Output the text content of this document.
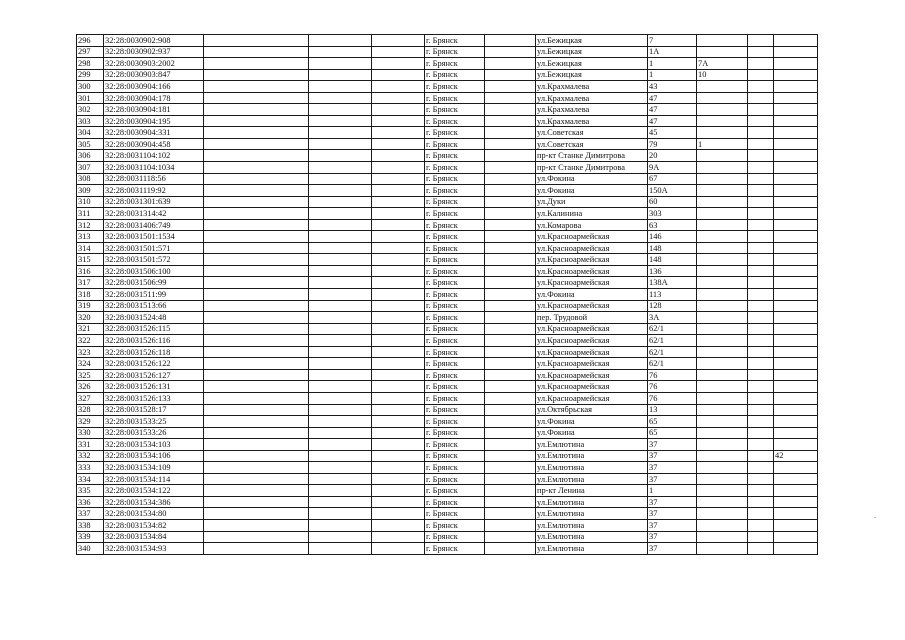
296	32:28:0030902:908				г. Брянск		ул.Бежицкая	7			
297	32:28:0030902:937				г. Брянск		ул.Бежицкая	1А			
298	32:28:0030903:2002				г. Брянск		ул.Бежицкая	1	7А		
299	32:28:0030903:847				г. Брянск		ул.Бежицкая	1	10		
300	32:28:0030904:166				г. Брянск		ул.Крахмалева	43			
301	32:28:0030904:178				г. Брянск		ул.Крахмалева	47			
302	32:28:0030904:181				г. Брянск		ул.Крахмалева	47			
303	32:28:0030904:195				г. Брянск		ул.Крахмалева	47			
304	32:28:0030904:331				г. Брянск		ул.Советская	45			
305	32:28:0030904:458				г. Брянск		ул.Советская	79	1		
306	32:28:0031104:102				г. Брянск		пр-кт Станке Димитрова	20			
307	32:28:0031104:1034				г. Брянск		пр-кт Станке Димитрова	9А			
308	32:28:0031118:56				г. Брянск		ул.Фокина	67			
309	32:28:0031119:92				г. Брянск		ул.Фокина	150А			
310	32:28:0031301:639				г. Брянск		ул.Дуки	60			
311	32:28:0031314:42				г. Брянск		ул.Калинина	303			
312	32:28:0031406:749				г. Брянск		ул.Комарова	63			
313	32:28:0031501:1534				г. Брянск		ул.Красноармейская	146			
314	32:28:0031501:571				г. Брянск		ул.Красноармейская	148			
315	32:28:0031501:572				г. Брянск		ул.Красноармейская	148			
316	32:28:0031506:100				г. Брянск		ул.Красноармейская	136			
317	32:28:0031506:99				г. Брянск		ул.Красноармейская	138А			
318	32:28:0031511:99				г. Брянск		ул.Фокина	113			
319	32:28:0031513:66				г. Брянск		ул.Красноармейская	128			
320	32:28:0031524:48				г. Брянск		пер. Трудовой	3А			
321	32:28:0031526:115				г. Брянск		ул.Красноармейская	62/1			
322	32:28:0031526:116				г. Брянск		ул.Красноармейская	62/1			
323	32:28:0031526:118				г. Брянск		ул.Красноармейская	62/1			
324	32:28:0031526:122				г. Брянск		ул.Красноармейская	62/1			
325	32:28:0031526:127				г. Брянск		ул.Красноармейская	76			
326	32:28:0031526:131				г. Брянск		ул.Красноармейская	76			
327	32:28:0031526:133				г. Брянск		ул.Красноармейская	76			
328	32:28:0031528:17				г. Брянск		ул.Октябрьская	13			
329	32:28:0031533:25				г. Брянск		ул.Фокина	65			
330	32:28:0031533:26				г. Брянск		ул.Фокина	65			
331	32:28:0031534:103				г. Брянск		ул.Емлютина	37			
332	32:28:0031534:106				г. Брянск		ул.Емлютина	37			42
333	32:28:0031534:109				г. Брянск		ул.Емлютина	37			
334	32:28:0031534:114				г. Брянск		ул.Емлютина	37			
335	32:28:0031534:122				г. Брянск		пр-кт Ленина	1			
336	32:28:0031534:386				г. Брянск		ул.Емлютина	37			
337	32:28:0031534:80				г. Брянск		ул.Емлютина	37			
338	32:28:0031534:82				г. Брянск		ул.Емлютина	37			
339	32:28:0031534:84				г. Брянск		ул.Емлютина	37			
340	32:28:0031534:93				г. Брянск		ул.Емлютина	37			
